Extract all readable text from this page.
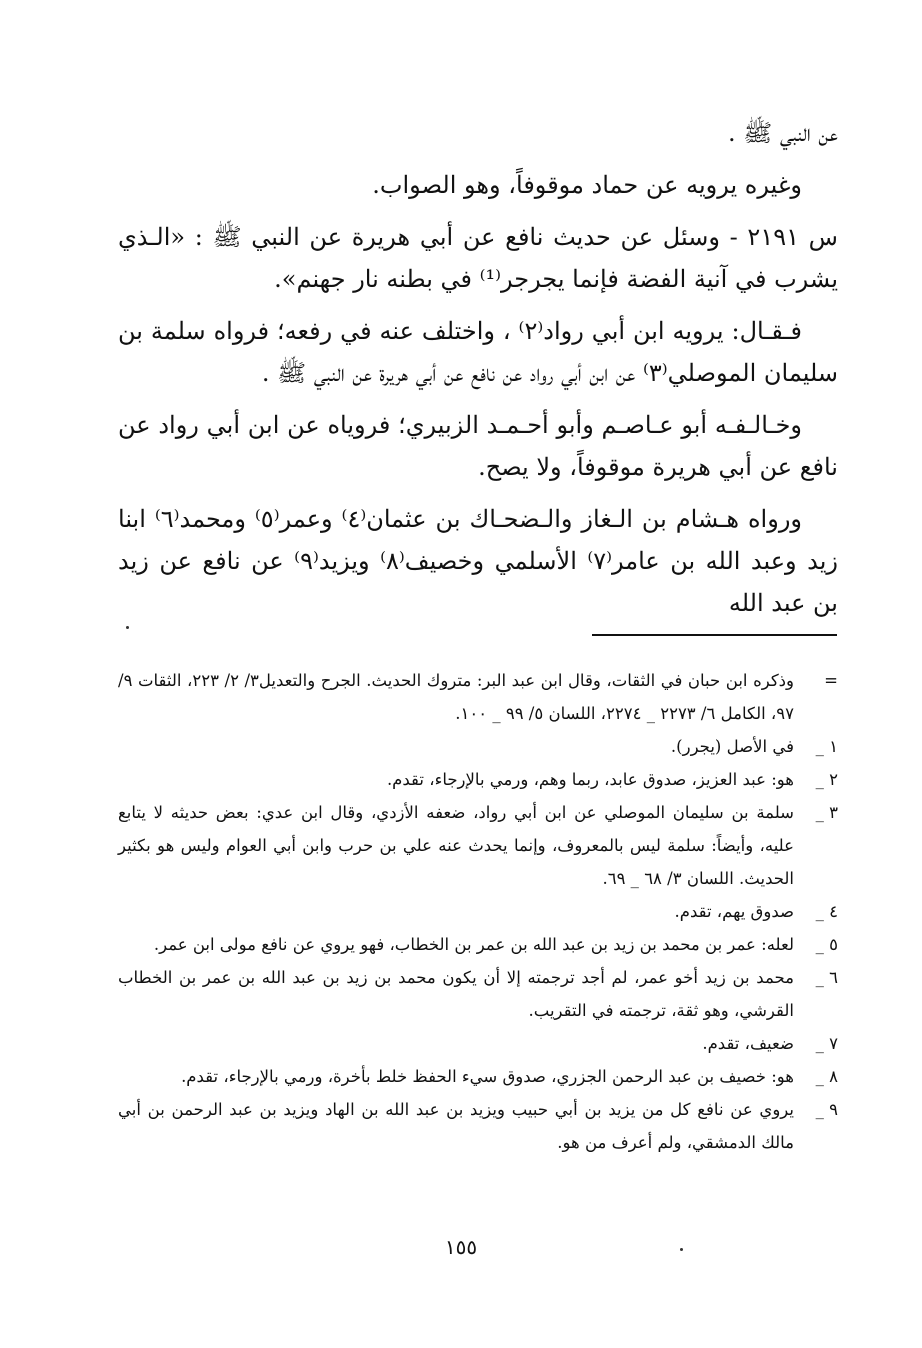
عن النبي ﷺ .

وغيره يرويه عن حماد موقوفاً، وهو الصواب.

س ٢١٩١ - وسئل عن حديث نافع عن أبي هريرة عن النبي ﷺ : «الـذي يشرب في آنية الفضة فإنما يجرجر⁽¹⁾ في بطنه نار جهنم».

فـقـال: يرويه ابن أبي رواد⁽٢⁾ ، واختلف عنه في رفعه؛ فرواه سلمة بن سليمان الموصلي⁽٣⁾ عن ابن أبي رواد عن نافع عن أبي هريرة عن النبي ﷺ .

وخـالـفـه أبو عـاصـم وأبو أحـمـد الزبيري؛ فروياه عن ابن أبي رواد عن نافع عن أبي هريرة موقوفاً، ولا يصح.

ورواه هـشام بن الـغاز والـضحـاك بن عثمان⁽٤⁾ وعمر⁽٥⁾ ومحمد⁽٦⁾ ابنا زيد وعبد الله بن عامر⁽٧⁾ الأسلمي وخصيف⁽٨⁾ ويزيد⁽٩⁾ عن نافع عن زيد بن عبد الله

=
وذكره ابن حبان في الثقات، وقال ابن عبد البر: متروك الحديث. الجرح والتعديل٣/ ٢/ ٢٢٣، الثقات ٩/ ٩٧، الكامل ٦/ ٢٢٧٣ _ ٢٢٧٤، اللسان ٥/ ٩٩ _ ١٠٠.
١ _
في الأصل (يجرر).
٢ _
هو: عبد العزيز، صدوق عابد، ربما وهم، ورمي بالإرجاء، تقدم.
٣ _
سلمة بن سليمان الموصلي عن ابن أبي رواد، ضعفه الأزدي، وقال ابن عدي: بعض حديثه لا يتابع عليه، وأيضاً: سلمة ليس بالمعروف، وإنما يحدث عنه علي بن حرب وابن أبي العوام وليس هو بكثير الحديث. اللسان ٣/ ٦٨ _ ٦٩.
٤ _
صدوق يهم، تقدم.
٥ _
لعله: عمر بن محمد بن زيد بن عبد الله بن عمر بن الخطاب، فهو يروي عن نافع مولى ابن عمر.
٦ _
محمد بن زيد أخو عمر، لم أجد ترجمته إلا أن يكون محمد بن زيد بن عبد الله بن عمر بن الخطاب القرشي، وهو ثقة، ترجمته في التقريب.
٧ _
ضعيف، تقدم.
٨ _
هو: خصيف بن عبد الرحمن الجزري، صدوق سيء الحفظ خلط بأخرة، ورمي بالإرجاء، تقدم.
٩ _
يروي عن نافع كل من يزيد بن أبي حبيب ويزيد بن عبد الله بن الهاد ويزيد بن عبد الرحمن بن أبي مالك الدمشقي، ولم أعرف من هو.
١٥٥
